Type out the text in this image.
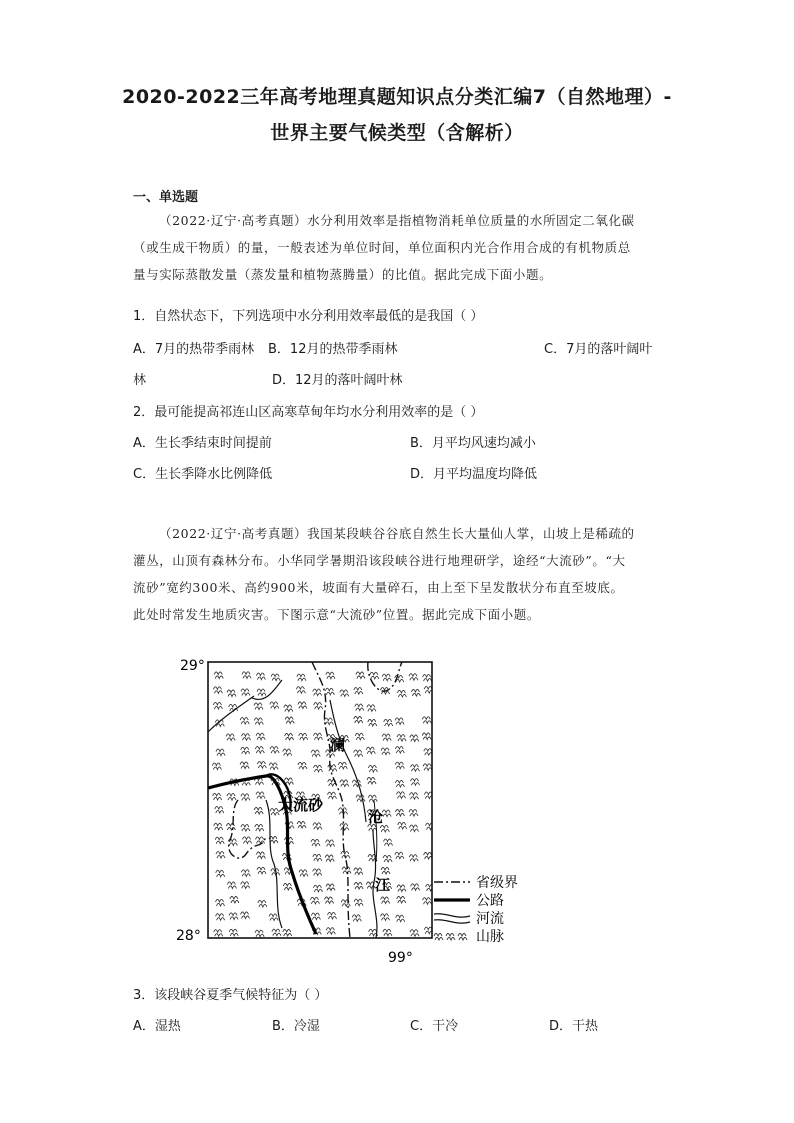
2020-2022三年高考地理真题知识点分类汇编7（自然地理）-
世界主要气候类型（含解析）
一、单选题
（2022·辽宁·高考真题）水分利用效率是指植物消耗单位质量的水所固定二氧化碳
（或生成干物质）的量，一般表述为单位时间，单位面积内光合作用合成的有机物质总
量与实际蒸散发量（蒸发量和植物蒸腾量）的比值。据此完成下面小题。
1．自然状态下，下列选项中水分利用效率最低的是我国（ ）
A．7月的热带季雨林 B．12月的热带季雨林	C．7月的落叶阔叶
林	D．12月的落叶阔叶林
2．最可能提高祁连山区高寒草甸年均水分利用效率的是（ ）
A．生长季结束时间提前	B．月平均风速均减小
C．生长季降水比例降低	D．月平均温度均降低
（2022·辽宁·高考真题）我国某段峡谷谷底自然生长大量仙人掌，山坡上是稀疏的
灌丛，山顶有森林分布。小华同学暑期沿该段峡谷进行地理研学，途经“大流砂”。“大
流砂”宽约300米、高约900米，坡面有大量碎石，由上至下呈发散状分布直至坡底。
此处时常发生地质灾害。下图示意“大流砂”位置。据此完成下面小题。
澜
沧
江
大流砂
29°
28°
99°
省级界
公路
河流
山脉
3．该段峡谷夏季气候特征为（ ）
A．湿热	B．冷湿	C．干冷	D．干热
